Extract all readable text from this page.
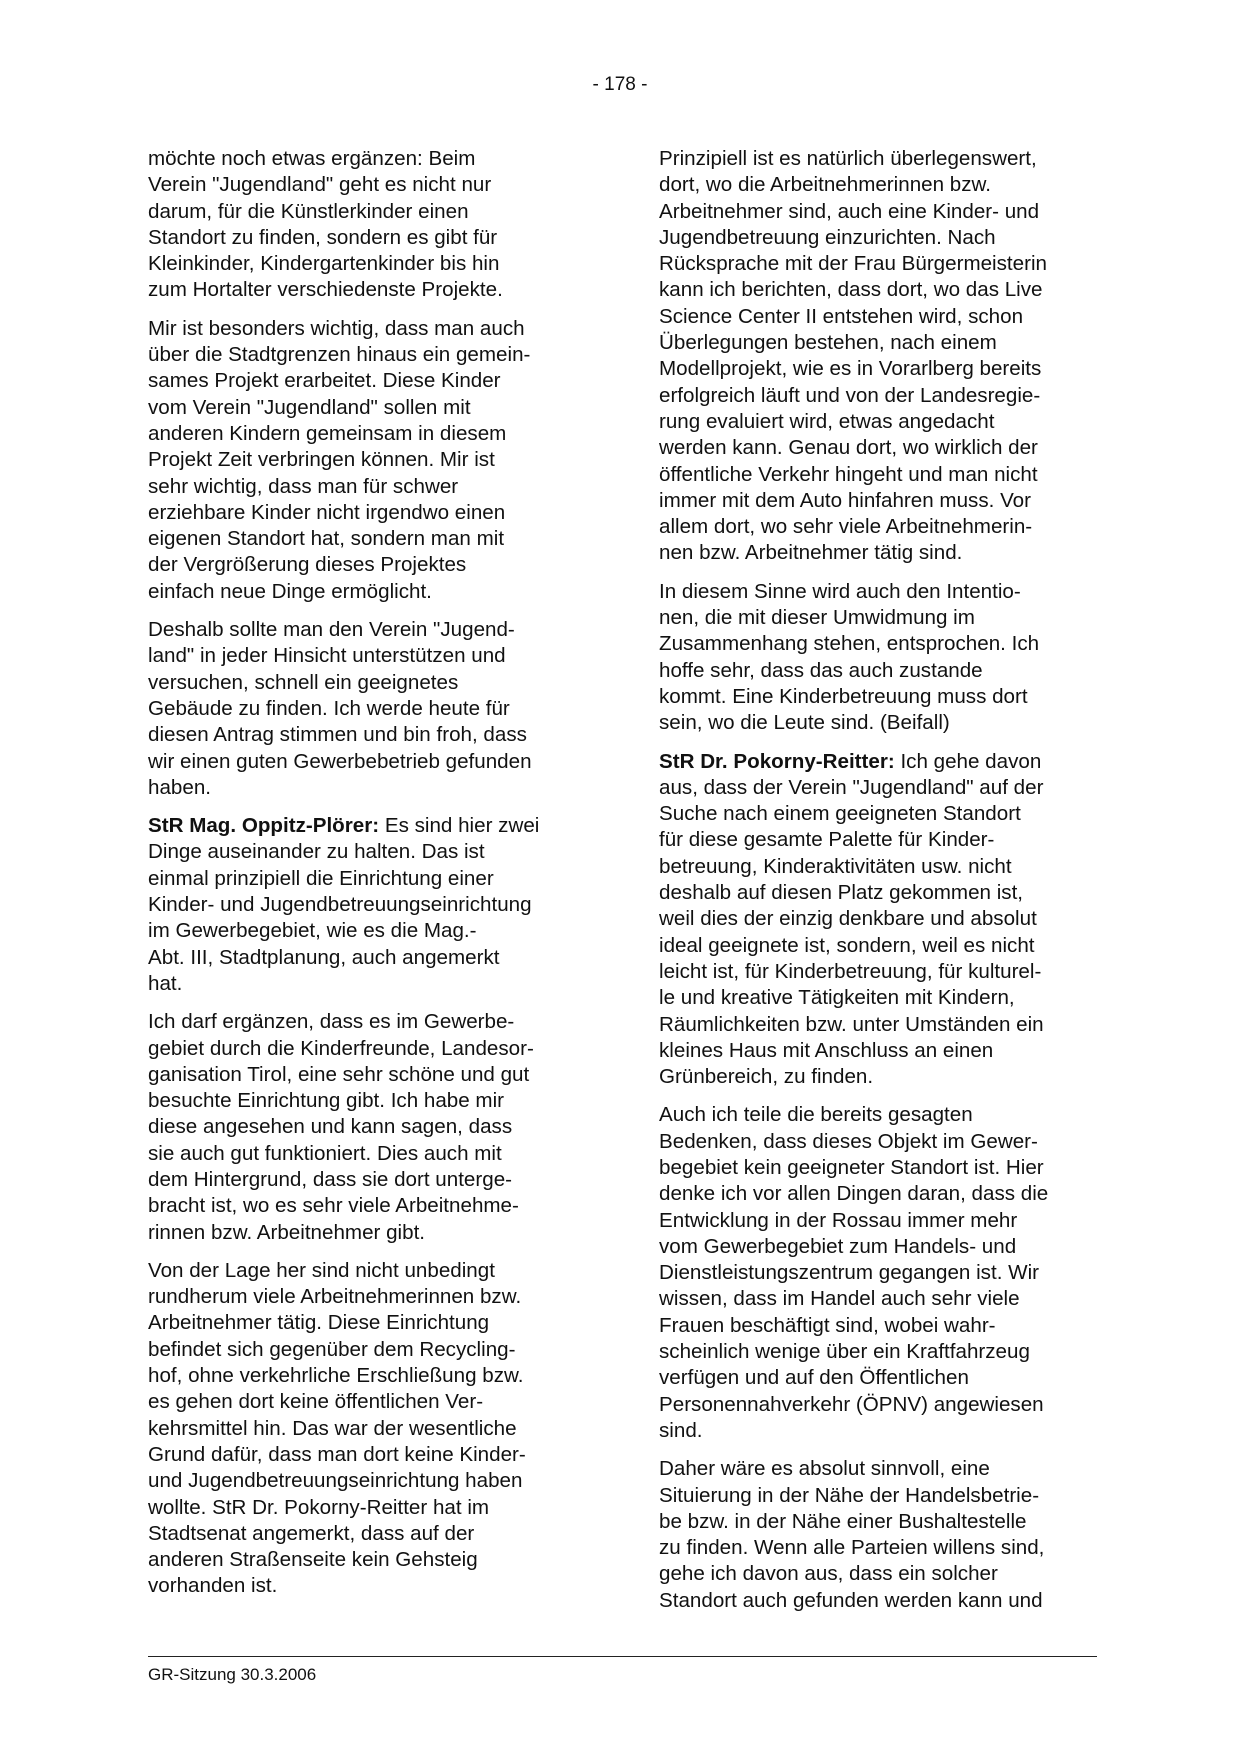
- 178 -

möchte noch etwas ergänzen: Beim
Verein "Jugendland" geht es nicht nur
darum, für die Künstlerkinder einen
Standort zu finden, sondern es gibt für
Kleinkinder, Kindergartenkinder bis hin
zum Hortalter verschiedenste Projekte.

Mir ist besonders wichtig, dass man auch
über die Stadtgrenzen hinaus ein gemein-
sames Projekt erarbeitet. Diese Kinder
vom Verein "Jugendland" sollen mit
anderen Kindern gemeinsam in diesem
Projekt Zeit verbringen können. Mir ist
sehr wichtig, dass man für schwer
erziehbare Kinder nicht irgendwo einen
eigenen Standort hat, sondern man mit
der Vergrößerung dieses Projektes
einfach neue Dinge ermöglicht.

Deshalb sollte man den Verein "Jugend-
land" in jeder Hinsicht unterstützen und
versuchen, schnell ein geeignetes
Gebäude zu finden. Ich werde heute für
diesen Antrag stimmen und bin froh, dass
wir einen guten Gewerbebetrieb gefunden
haben.

StR Mag. Oppitz-Plörer: Es sind hier zwei
Dinge auseinander zu halten. Das ist
einmal prinzipiell die Einrichtung einer
Kinder- und Jugendbetreuungseinrichtung
im Gewerbegebiet, wie es die Mag.-
Abt. III, Stadtplanung, auch angemerkt
hat.

Ich darf ergänzen, dass es im Gewerbe-
gebiet durch die Kinderfreunde, Landesor-
ganisation Tirol, eine sehr schöne und gut
besuchte Einrichtung gibt. Ich habe mir
diese angesehen und kann sagen, dass
sie auch gut funktioniert. Dies auch mit
dem Hintergrund, dass sie dort unterge-
bracht ist, wo es sehr viele Arbeitnehme-
rinnen bzw. Arbeitnehmer gibt.

Von der Lage her sind nicht unbedingt
rundherum viele Arbeitnehmerinnen bzw.
Arbeitnehmer tätig. Diese Einrichtung
befindet sich gegenüber dem Recycling-
hof, ohne verkehrliche Erschließung bzw.
es gehen dort keine öffentlichen Ver-
kehrsmittel hin. Das war der wesentliche
Grund dafür, dass man dort keine Kinder-
und Jugendbetreuungseinrichtung haben
wollte. StR Dr. Pokorny-Reitter hat im
Stadtsenat angemerkt, dass auf der
anderen Straßenseite kein Gehsteig
vorhanden ist.

Prinzipiell ist es natürlich überlegenswert,
dort, wo die Arbeitnehmerinnen bzw.
Arbeitnehmer sind, auch eine Kinder- und
Jugendbetreuung einzurichten. Nach
Rücksprache mit der Frau Bürgermeisterin
kann ich berichten, dass dort, wo das Live
Science Center II entstehen wird, schon
Überlegungen bestehen, nach einem
Modellprojekt, wie es in Vorarlberg bereits
erfolgreich läuft und von der Landesregie-
rung evaluiert wird, etwas angedacht
werden kann. Genau dort, wo wirklich der
öffentliche Verkehr hingeht und man nicht
immer mit dem Auto hinfahren muss. Vor
allem dort, wo sehr viele Arbeitnehmerin-
nen bzw. Arbeitnehmer tätig sind.

In diesem Sinne wird auch den Intentio-
nen, die mit dieser Umwidmung im
Zusammenhang stehen, entsprochen. Ich
hoffe sehr, dass das auch zustande
kommt. Eine Kinderbetreuung muss dort
sein, wo die Leute sind. (Beifall)

StR Dr. Pokorny-Reitter: Ich gehe davon
aus, dass der Verein "Jugendland" auf der
Suche nach einem geeigneten Standort
für diese gesamte Palette für Kinder-
betreuung, Kinderaktivitäten usw. nicht
deshalb auf diesen Platz gekommen ist,
weil dies der einzig denkbare und absolut
ideal geeignete ist, sondern, weil es nicht
leicht ist, für Kinderbetreuung, für kulturel-
le und kreative Tätigkeiten mit Kindern,
Räumlichkeiten bzw. unter Umständen ein
kleines Haus mit Anschluss an einen
Grünbereich, zu finden.

Auch ich teile die bereits gesagten
Bedenken, dass dieses Objekt im Gewer-
begebiet kein geeigneter Standort ist. Hier
denke ich vor allen Dingen daran, dass die
Entwicklung in der Rossau immer mehr
vom Gewerbegebiet zum Handels- und
Dienstleistungszentrum gegangen ist. Wir
wissen, dass im Handel auch sehr viele
Frauen beschäftigt sind, wobei wahr-
scheinlich wenige über ein Kraftfahrzeug
verfügen und auf den Öffentlichen
Personennahverkehr (ÖPNV) angewiesen
sind.

Daher wäre es absolut sinnvoll, eine
Situierung in der Nähe der Handelsbetrie-
be bzw. in der Nähe einer Bushaltestelle
zu finden. Wenn alle Parteien willens sind,
gehe ich davon aus, dass ein solcher
Standort auch gefunden werden kann und

GR-Sitzung 30.3.2006
